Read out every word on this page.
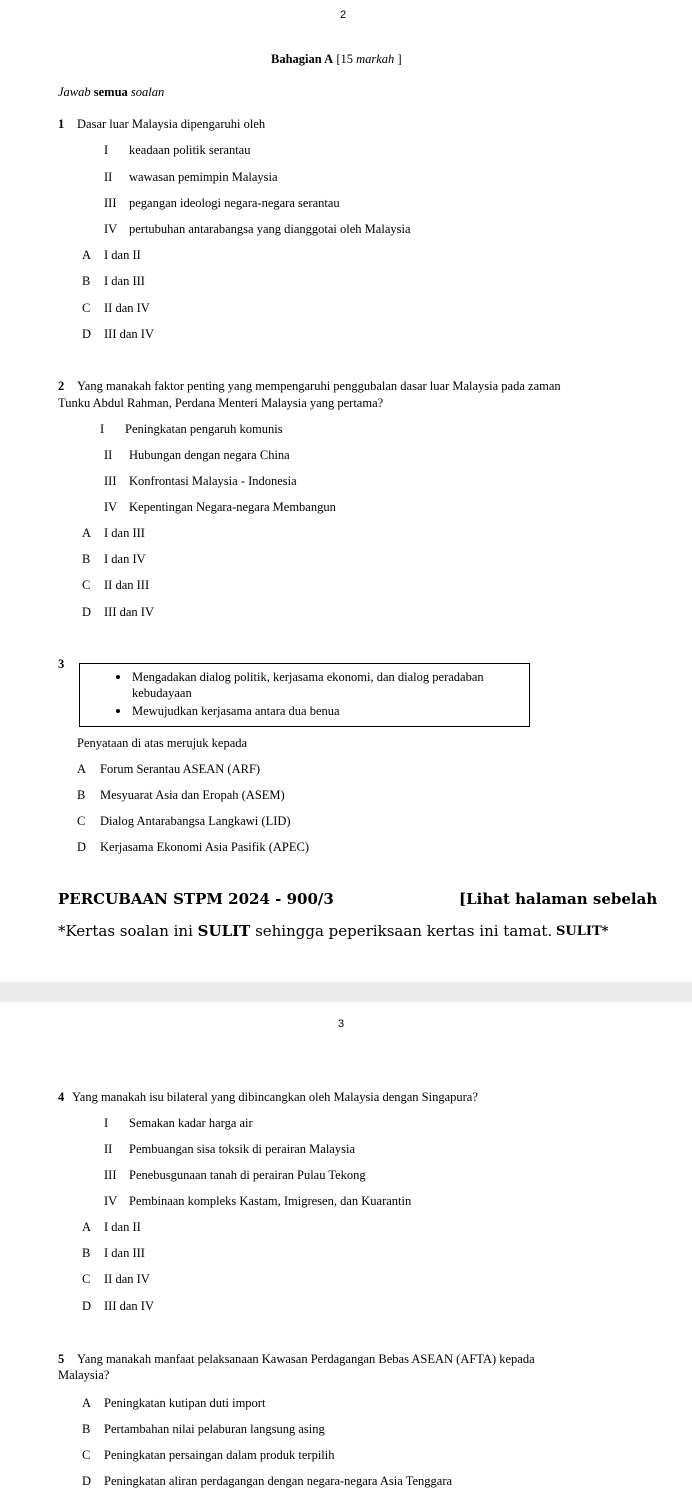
2
Bahagian A [15 markah ]
Jawab semua soalan
1 Dasar luar Malaysia dipengaruhi oleh
I keadaan politik serantau
II wawasan pemimpin Malaysia
III pegangan ideologi negara-negara serantau
IV pertubuhan antarabangsa yang dianggotai oleh Malaysia
A I dan II
B I dan III
C II dan IV
D III dan IV
2 Yang manakah faktor penting yang mempengaruhi penggubalan dasar luar Malaysia pada zaman
Tunku Abdul Rahman, Perdana Menteri Malaysia yang pertama?
I Peningkatan pengaruh komunis
II Hubungan dengan negara China
III Konfrontasi Malaysia - Indonesia
IV Kepentingan Negara-negara Membangun
A I dan III
B I dan IV
C II dan III
D III dan IV
3
Mengadakan dialog politik, kerjasama ekonomi, dan dialog peradaban
kebudayaan
Mewujudkan kerjasama antara dua benua
Penyataan di atas merujuk kepada
A Forum Serantau ASEAN (ARF)
B Mesyuarat Asia dan Eropah (ASEM)
C Dialog Antarabangsa Langkawi (LID)
D Kerjasama Ekonomi Asia Pasifik (APEC)
PERCUBAAN STPM 2024 - 900/3	[Lihat halaman sebelah
*Kertas soalan ini SULIT sehingga peperiksaan kertas ini tamat. SULIT*
3
4 Yang manakah isu bilateral yang dibincangkan oleh Malaysia dengan Singapura?
I Semakan kadar harga air
II Pembuangan sisa toksik di perairan Malaysia
III Penebusgunaan tanah di perairan Pulau Tekong
IV Pembinaan kompleks Kastam, Imigresen, dan Kuarantin
A I dan II
B I dan III
C II dan IV
D III dan IV
5 Yang manakah manfaat pelaksanaan Kawasan Perdagangan Bebas ASEAN (AFTA) kepada
Malaysia?
A Peningkatan kutipan duti import
B Pertambahan nilai pelaburan langsung asing
C Peningkatan persaingan dalam produk terpilih
D Peningkatan aliran perdagangan dengan negara-negara Asia Tenggara
